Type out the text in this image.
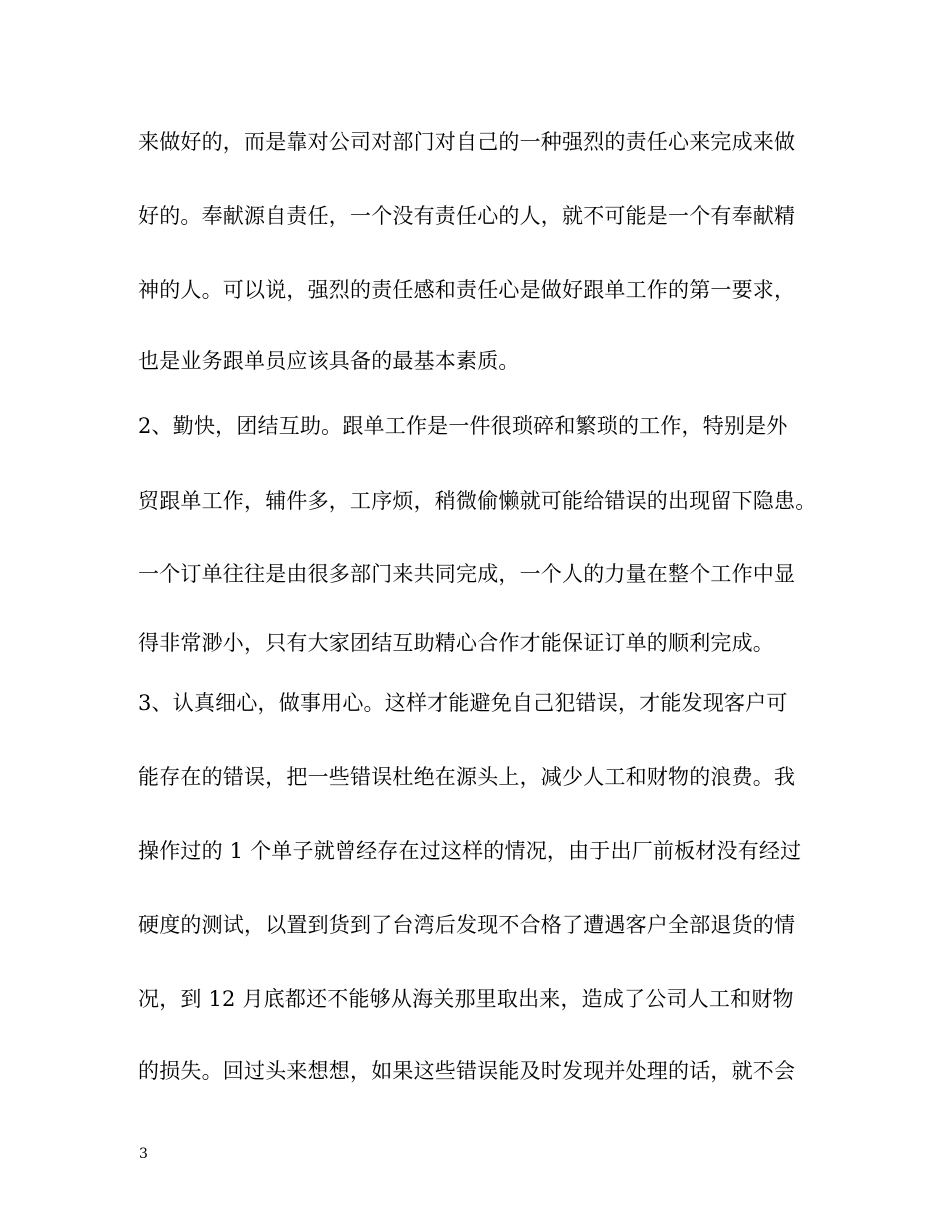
来做好的，而是靠对公司对部门对自己的一种强烈的责任心来完成来做
好的。奉献源自责任，一个没有责任心的人，就不可能是一个有奉献精
神的人。可以说，强烈的责任感和责任心是做好跟单工作的第一要求，
也是业务跟单员应该具备的最基本素质。
2、勤快，团结互助。跟单工作是一件很琐碎和繁琐的工作，特别是外
贸跟单工作，辅件多，工序烦，稍微偷懒就可能给错误的出现留下隐患。
一个订单往往是由很多部门来共同完成，一个人的力量在整个工作中显
得非常渺小，只有大家团结互助精心合作才能保证订单的顺利完成。
3、认真细心，做事用心。这样才能避免自己犯错误，才能发现客户可
能存在的错误，把一些错误杜绝在源头上，减少人工和财物的浪费。我
操作过的 1 个单子就曾经存在过这样的情况，由于出厂前板材没有经过
硬度的测试，以置到货到了台湾后发现不合格了遭遇客户全部退货的情
况，到 12 月底都还不能够从海关那里取出来，造成了公司人工和财物
的损失。回过头来想想，如果这些错误能及时发现并处理的话，就不会
3
